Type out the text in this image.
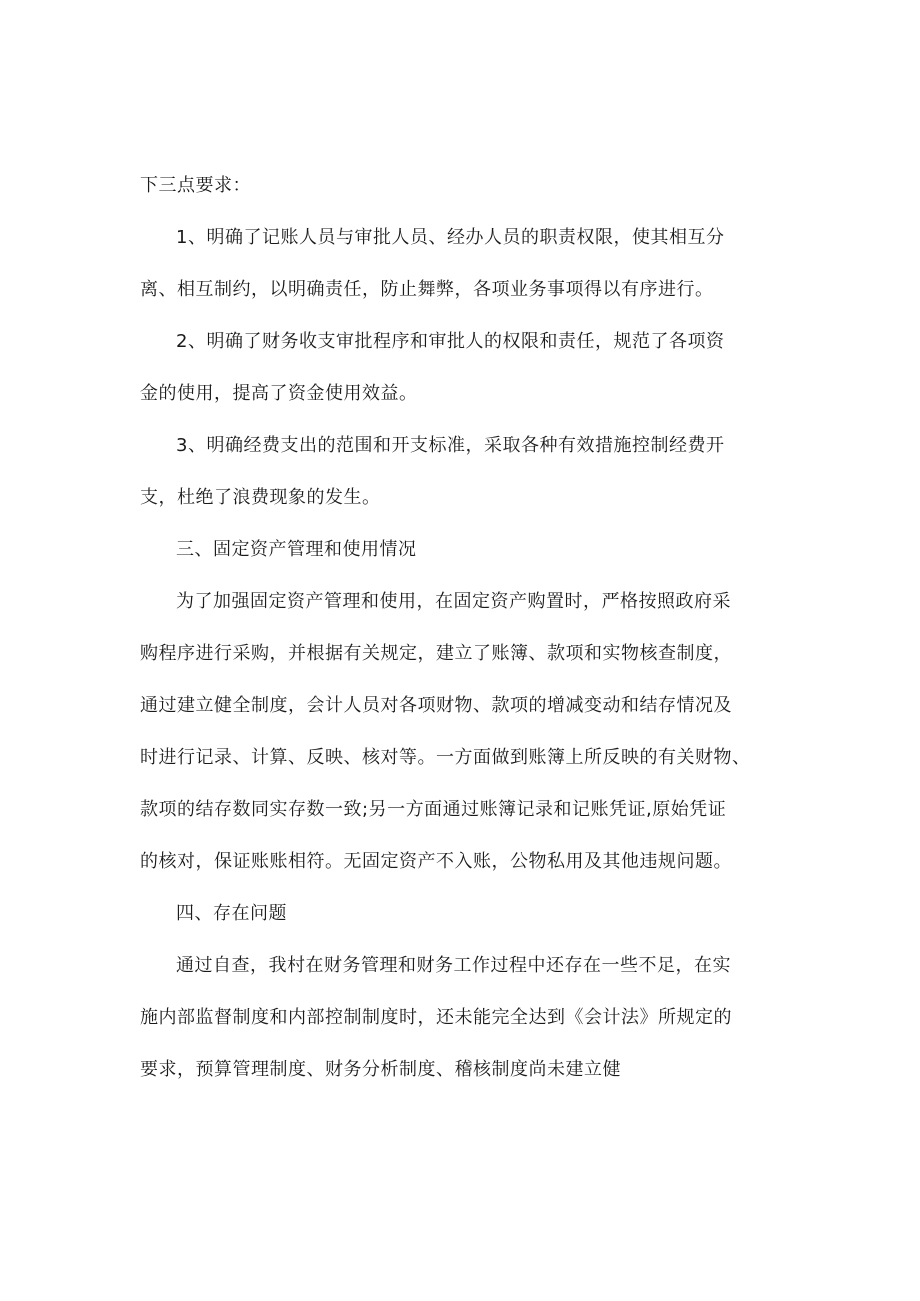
下三点要求：

1、明确了记账人员与审批人员、经办人员的职责权限，使其相互分

离、相互制约，以明确责任，防止舞弊，各项业务事项得以有序进行。

2、明确了财务收支审批程序和审批人的权限和责任，规范了各项资

金的使用，提高了资金使用效益。

3、明确经费支出的范围和开支标准，采取各种有效措施控制经费开

支，杜绝了浪费现象的发生。

三、固定资产管理和使用情况

为了加强固定资产管理和使用，在固定资产购置时，严格按照政府采

购程序进行采购，并根据有关规定，建立了账簿、款项和实物核查制度，

通过建立健全制度，会计人员对各项财物、款项的增减变动和结存情况及

时进行记录、计算、反映、核对等。一方面做到账簿上所反映的有关财物、

款项的结存数同实存数一致;另一方面通过账簿记录和记账凭证,原始凭证

的核对，保证账账相符。无固定资产不入账，公物私用及其他违规问题。

四、存在问题

通过自查，我村在财务管理和财务工作过程中还存在一些不足，在实

施内部监督制度和内部控制制度时，还未能完全达到《会计法》所规定的

要求，预算管理制度、财务分析制度、稽核制度尚未建立健
